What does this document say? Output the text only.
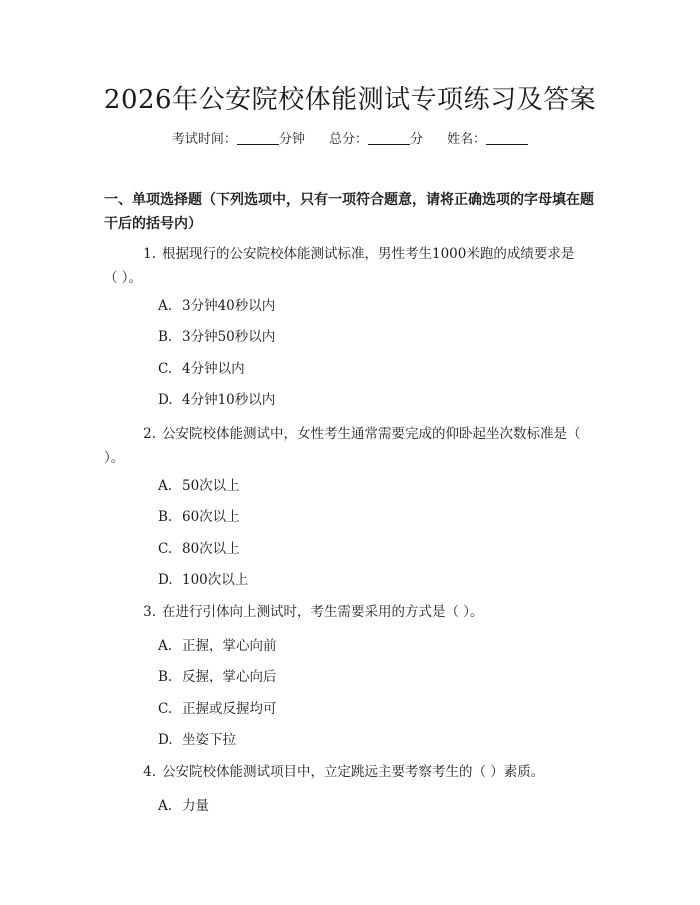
2026年公安院校体能测试专项练习及答案
考试时间：	分钟 总分：	分 姓名：
一、单项选择题（下列选项中，只有一项符合题意，请将正确选项的字母填在题干后的括号内）
1. 根据现行的公安院校体能测试标准，男性考生1000米跑的成绩要求是（ ）。
A. 3分钟40秒以内
B. 3分钟50秒以内
C. 4分钟以内
D. 4分钟10秒以内
2. 公安院校体能测试中，女性考生通常需要完成的仰卧起坐次数标准是（ ）。
A. 50次以上
B. 60次以上
C. 80次以上
D. 100次以上
3. 在进行引体向上测试时，考生需要采用的方式是（ ）。
A. 正握，掌心向前
B. 反握，掌心向后
C. 正握或反握均可
D. 坐姿下拉
4. 公安院校体能测试项目中，立定跳远主要考察考生的（ ）素质。
A. 力量
